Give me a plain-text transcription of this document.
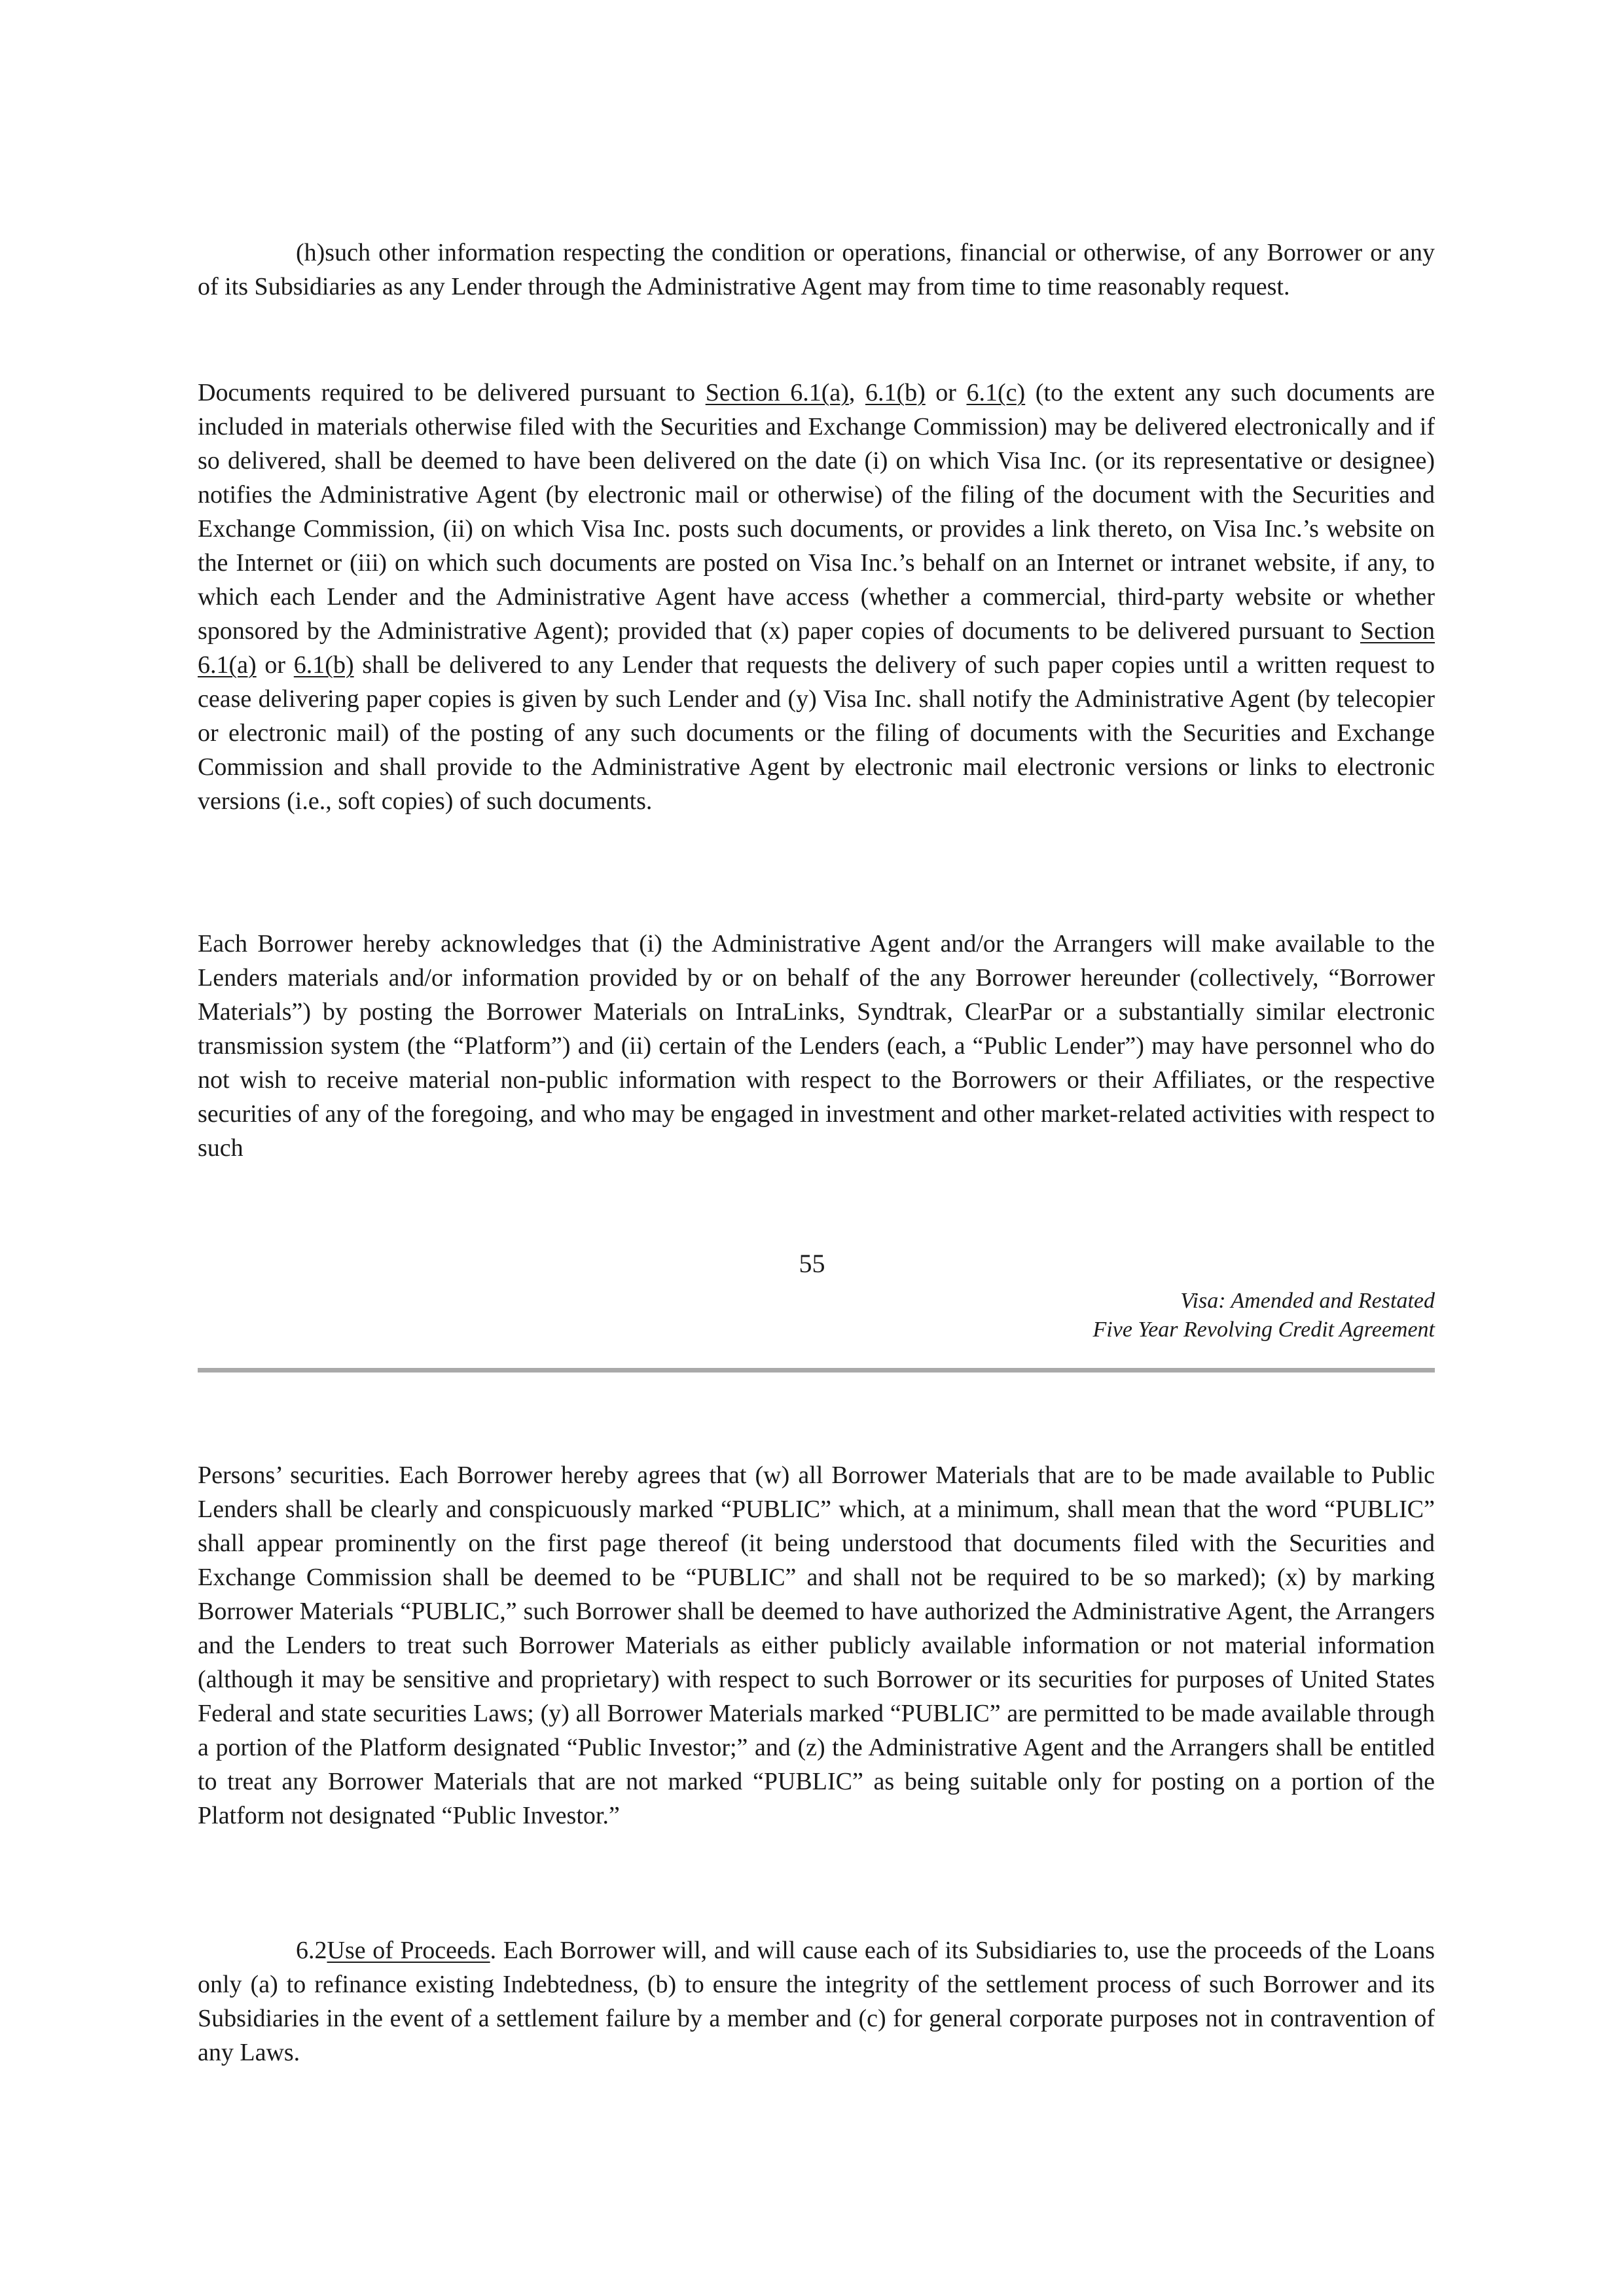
(h)such other information respecting the condition or operations, financial or otherwise, of any Borrower or any of its Subsidiaries as any Lender through the Administrative Agent may from time to time reasonably request.

Documents required to be delivered pursuant to Section 6.1(a), 6.1(b) or 6.1(c) (to the extent any such documents are included in materials otherwise filed with the Securities and Exchange Commission) may be delivered electronically and if so delivered, shall be deemed to have been delivered on the date (i) on which Visa Inc. (or its representative or designee) notifies the Administrative Agent (by electronic mail or otherwise) of the filing of the document with the Securities and Exchange Commission, (ii) on which Visa Inc. posts such documents, or provides a link thereto, on Visa Inc.’s website on the Internet or (iii) on which such documents are posted on Visa Inc.’s behalf on an Internet or intranet website, if any, to which each Lender and the Administrative Agent have access (whether a commercial, third-party website or whether sponsored by the Administrative Agent); provided that (x) paper copies of documents to be delivered pursuant to Section 6.1(a) or 6.1(b) shall be delivered to any Lender that requests the delivery of such paper copies until a written request to cease delivering paper copies is given by such Lender and (y) Visa Inc. shall notify the Administrative Agent (by telecopier or electronic mail) of the posting of any such documents or the filing of documents with the Securities and Exchange Commission and shall provide to the Administrative Agent by electronic mail electronic versions or links to electronic versions (i.e., soft copies) of such documents.

Each Borrower hereby acknowledges that (i) the Administrative Agent and/or the Arrangers will make available to the Lenders materials and/or information provided by or on behalf of the any Borrower hereunder (collectively, “Borrower Materials”) by posting the Borrower Materials on IntraLinks, Syndtrak, ClearPar or a substantially similar electronic transmission system (the “Platform”) and (ii) certain of the Lenders (each, a “Public Lender”) may have personnel who do not wish to receive material non-public information with respect to the Borrowers or their Affiliates, or the respective securities of any of the foregoing, and who may be engaged in investment and other market-related activities with respect to such

55
Visa: Amended and Restated
Five Year Revolving Credit Agreement

Persons’ securities. Each Borrower hereby agrees that (w) all Borrower Materials that are to be made available to Public Lenders shall be clearly and conspicuously marked “PUBLIC” which, at a minimum, shall mean that the word “PUBLIC” shall appear prominently on the first page thereof (it being understood that documents filed with the Securities and Exchange Commission shall be deemed to be “PUBLIC” and shall not be required to be so marked); (x) by marking Borrower Materials “PUBLIC,” such Borrower shall be deemed to have authorized the Administrative Agent, the Arrangers and the Lenders to treat such Borrower Materials as either publicly available information or not material information (although it may be sensitive and proprietary) with respect to such Borrower or its securities for purposes of United States Federal and state securities Laws; (y) all Borrower Materials marked “PUBLIC” are permitted to be made available through a portion of the Platform designated “Public Investor;” and (z) the Administrative Agent and the Arrangers shall be entitled to treat any Borrower Materials that are not marked “PUBLIC” as being suitable only for posting on a portion of the Platform not designated “Public Investor.”

6.2Use of Proceeds. Each Borrower will, and will cause each of its Subsidiaries to, use the proceeds of the Loans only (a) to refinance existing Indebtedness, (b) to ensure the integrity of the settlement process of such Borrower and its Subsidiaries in the event of a settlement failure by a member and (c) for general corporate purposes not in contravention of any Laws.
